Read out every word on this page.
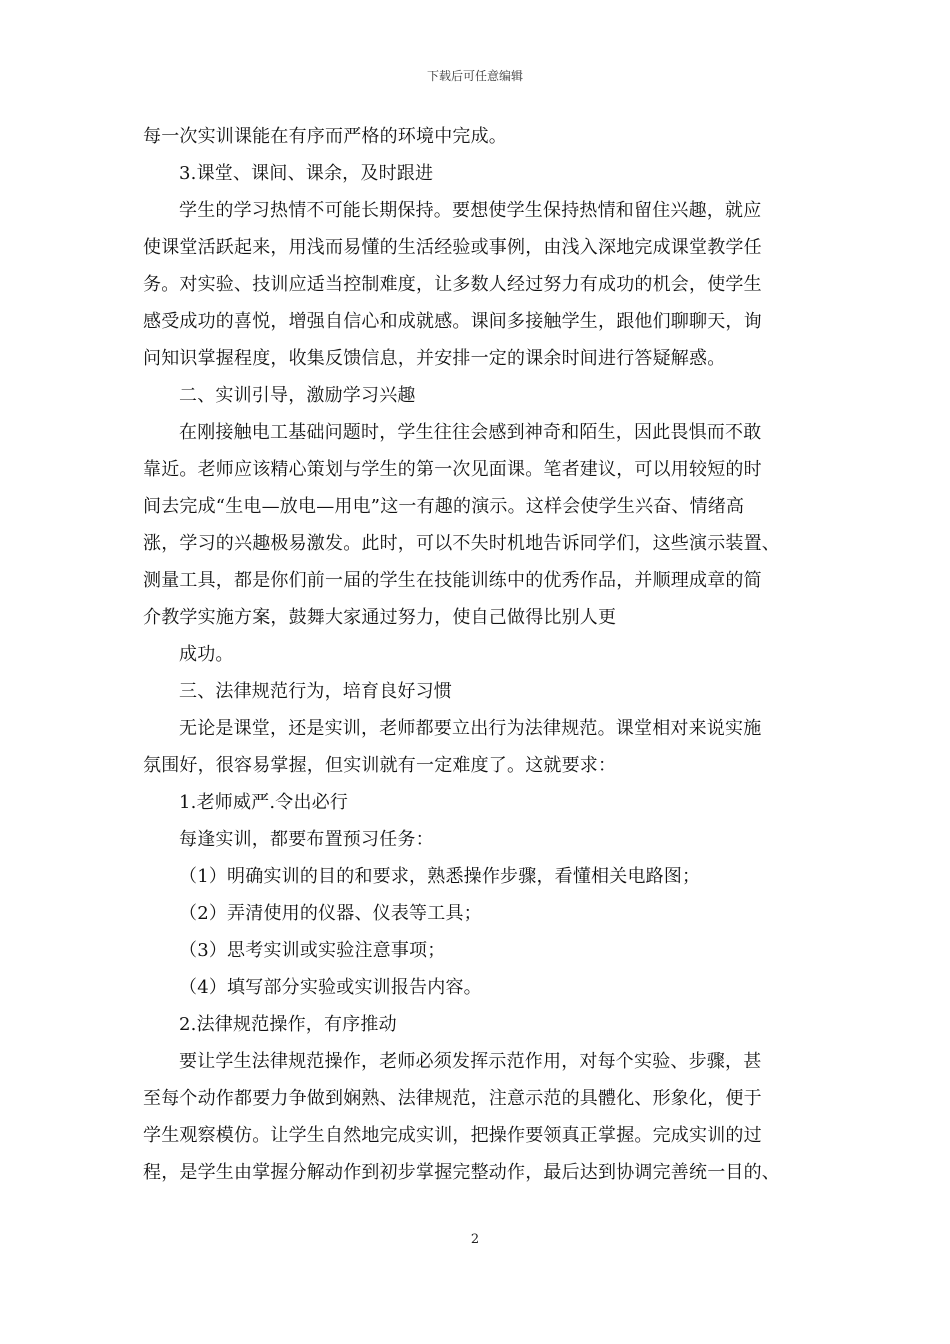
下载后可任意编辑
每一次实训课能在有序而严格的环境中完成。
3.课堂、课间、课余，及时跟进
学生的学习热情不可能长期保持。要想使学生保持热情和留住兴趣，就应
使课堂活跃起来，用浅而易懂的生活经验或事例，由浅入深地完成课堂教学任
务。对实验、技训应适当控制难度，让多数人经过努力有成功的机会，使学生
感受成功的喜悦，增强自信心和成就感。课间多接触学生，跟他们聊聊天，询
问知识掌握程度，收集反馈信息，并安排一定的课余时间进行答疑解惑。
二、实训引导，激励学习兴趣
在刚接触电工基础问题时，学生往往会感到神奇和陌生，因此畏惧而不敢
靠近。老师应该精心策划与学生的第一次见面课。笔者建议，可以用较短的时
间去完成“生电—放电—用电”这一有趣的演示。这样会使学生兴奋、情绪高
涨，学习的兴趣极易激发。此时，可以不失时机地告诉同学们，这些演示装置、
测量工具，都是你们前一届的学生在技能训练中的优秀作品，并顺理成章的简
介教学实施方案，鼓舞大家通过努力，使自己做得比别人更
成功。
三、法律规范行为，培育良好习惯
无论是课堂，还是实训，老师都要立出行为法律规范。课堂相对来说实施
氛围好，很容易掌握，但实训就有一定难度了。这就要求：
1.老师威严.令出必行
每逢实训，都要布置预习任务：
（1）明确实训的目的和要求，熟悉操作步骤，看懂相关电路图；
（2）弄清使用的仪器、仪表等工具；
（3）思考实训或实验注意事项；
（4）填写部分实验或实训报告内容。
2.法律规范操作，有序推动
要让学生法律规范操作，老师必须发挥示范作用，对每个实验、步骤，甚
至每个动作都要力争做到娴熟、法律规范，注意示范的具體化、形象化，便于
学生观察模仿。让学生自然地完成实训，把操作要领真正掌握。完成实训的过
程，是学生由掌握分解动作到初步掌握完整动作，最后达到协调完善统一目的、
2
